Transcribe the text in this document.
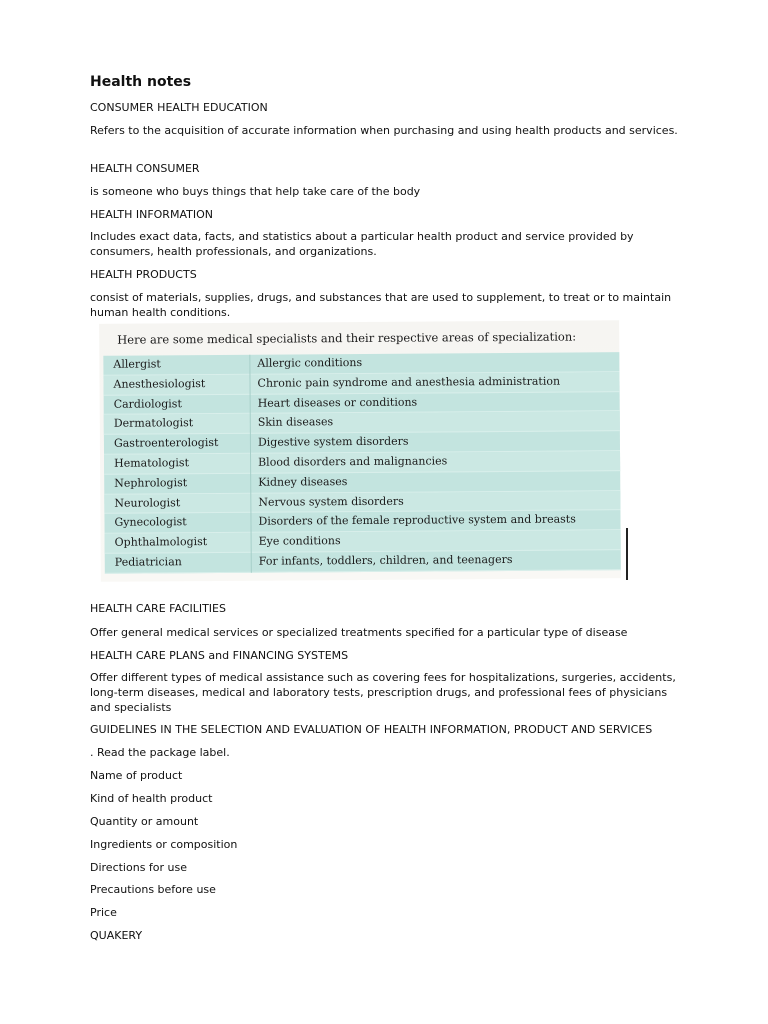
Health notes
CONSUMER HEALTH EDUCATION
Refers to the acquisition of accurate information when purchasing and using health products and services.
HEALTH CONSUMER
is someone who buys things that help take care of the body
HEALTH INFORMATION
Includes exact data, facts, and statistics about a particular health product and service provided by consumers, health professionals, and organizations.
HEALTH PRODUCTS
consist of materials, supplies, drugs, and substances that are used to supplement, to treat or to maintain human health conditions.
Here are some medical specialists and their respective areas of specialization:
Allergist	Allergic conditions
Anesthesiologist	Chronic pain syndrome and anesthesia administration
Cardiologist	Heart diseases or conditions
Dermatologist	Skin diseases
Gastroenterologist	Digestive system disorders
Hematologist	Blood disorders and malignancies
Nephrologist	Kidney diseases
Neurologist	Nervous system disorders
Gynecologist	Disorders of the female reproductive system and breasts
Ophthalmologist	Eye conditions
Pediatrician	For infants, toddlers, children, and teenagers
HEALTH CARE FACILITIES
Offer general medical services or specialized treatments specified for a particular type of disease
HEALTH CARE PLANS and FINANCING SYSTEMS
Offer different types of medical assistance such as covering fees for hospitalizations, surgeries, accidents, long-term diseases, medical and laboratory tests, prescription drugs, and professional fees of physicians and specialists
GUIDELINES IN THE SELECTION AND EVALUATION OF HEALTH INFORMATION, PRODUCT AND SERVICES
. Read the package label.
Name of product
Kind of health product
Quantity or amount
Ingredients or composition
Directions for use
Precautions before use
Price
QUAKERY
